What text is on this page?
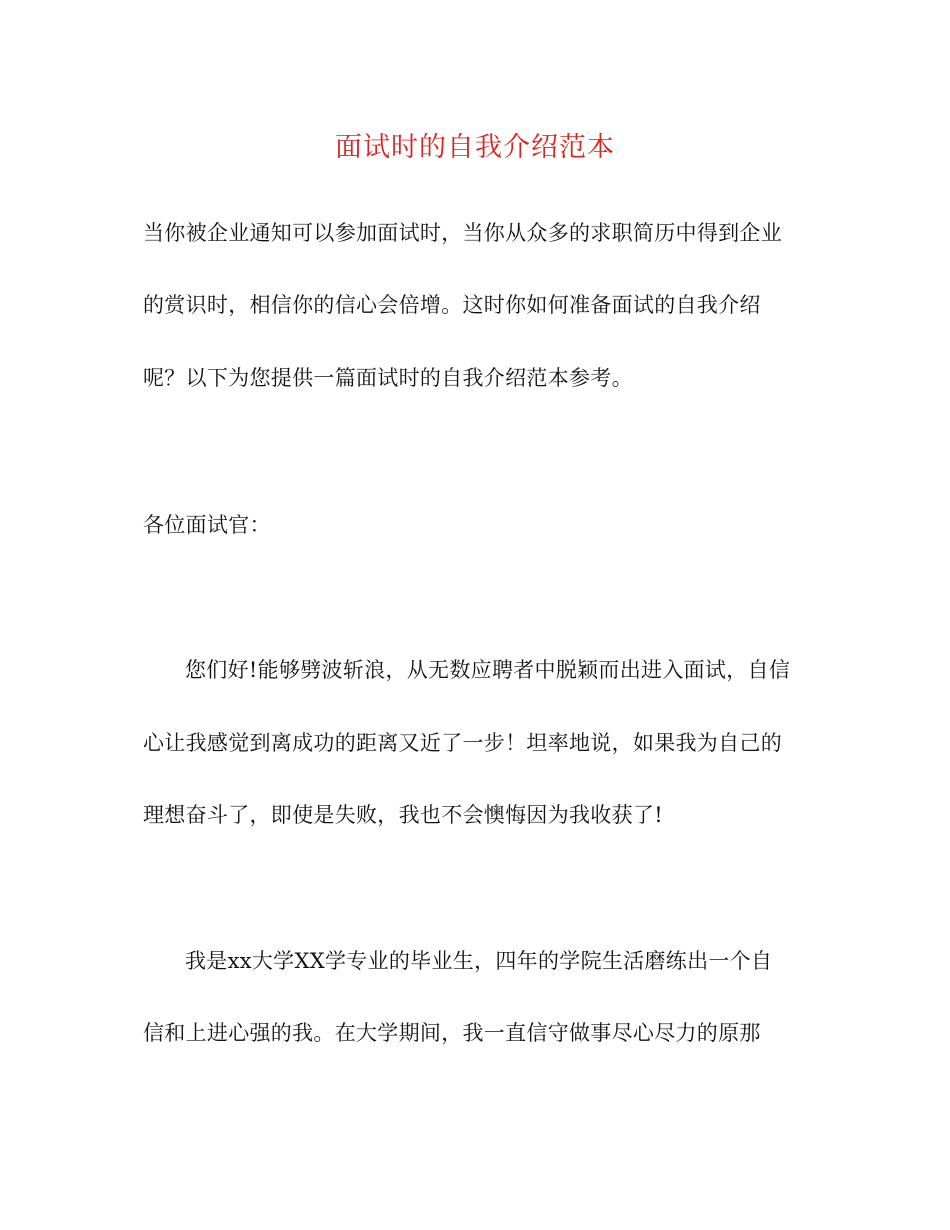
面试时的自我介绍范本
当你被企业通知可以参加面试时，当你从众多的求职简历中得到企业
的赏识时，相信你的信心会倍增。这时你如何准备面试的自我介绍
呢？以下为您提供一篇面试时的自我介绍范本参考。
各位面试官：
您们好!能够劈波斩浪，从无数应聘者中脱颖而出进入面试，自信
心让我感觉到离成功的距离又近了一步！坦率地说，如果我为自己的
理想奋斗了，即使是失败，我也不会懊悔因为我收获了!
我是xx大学XX学专业的毕业生，四年的学院生活磨练出一个自
信和上进心强的我。在大学期间，我一直信守做事尽心尽力的原那
